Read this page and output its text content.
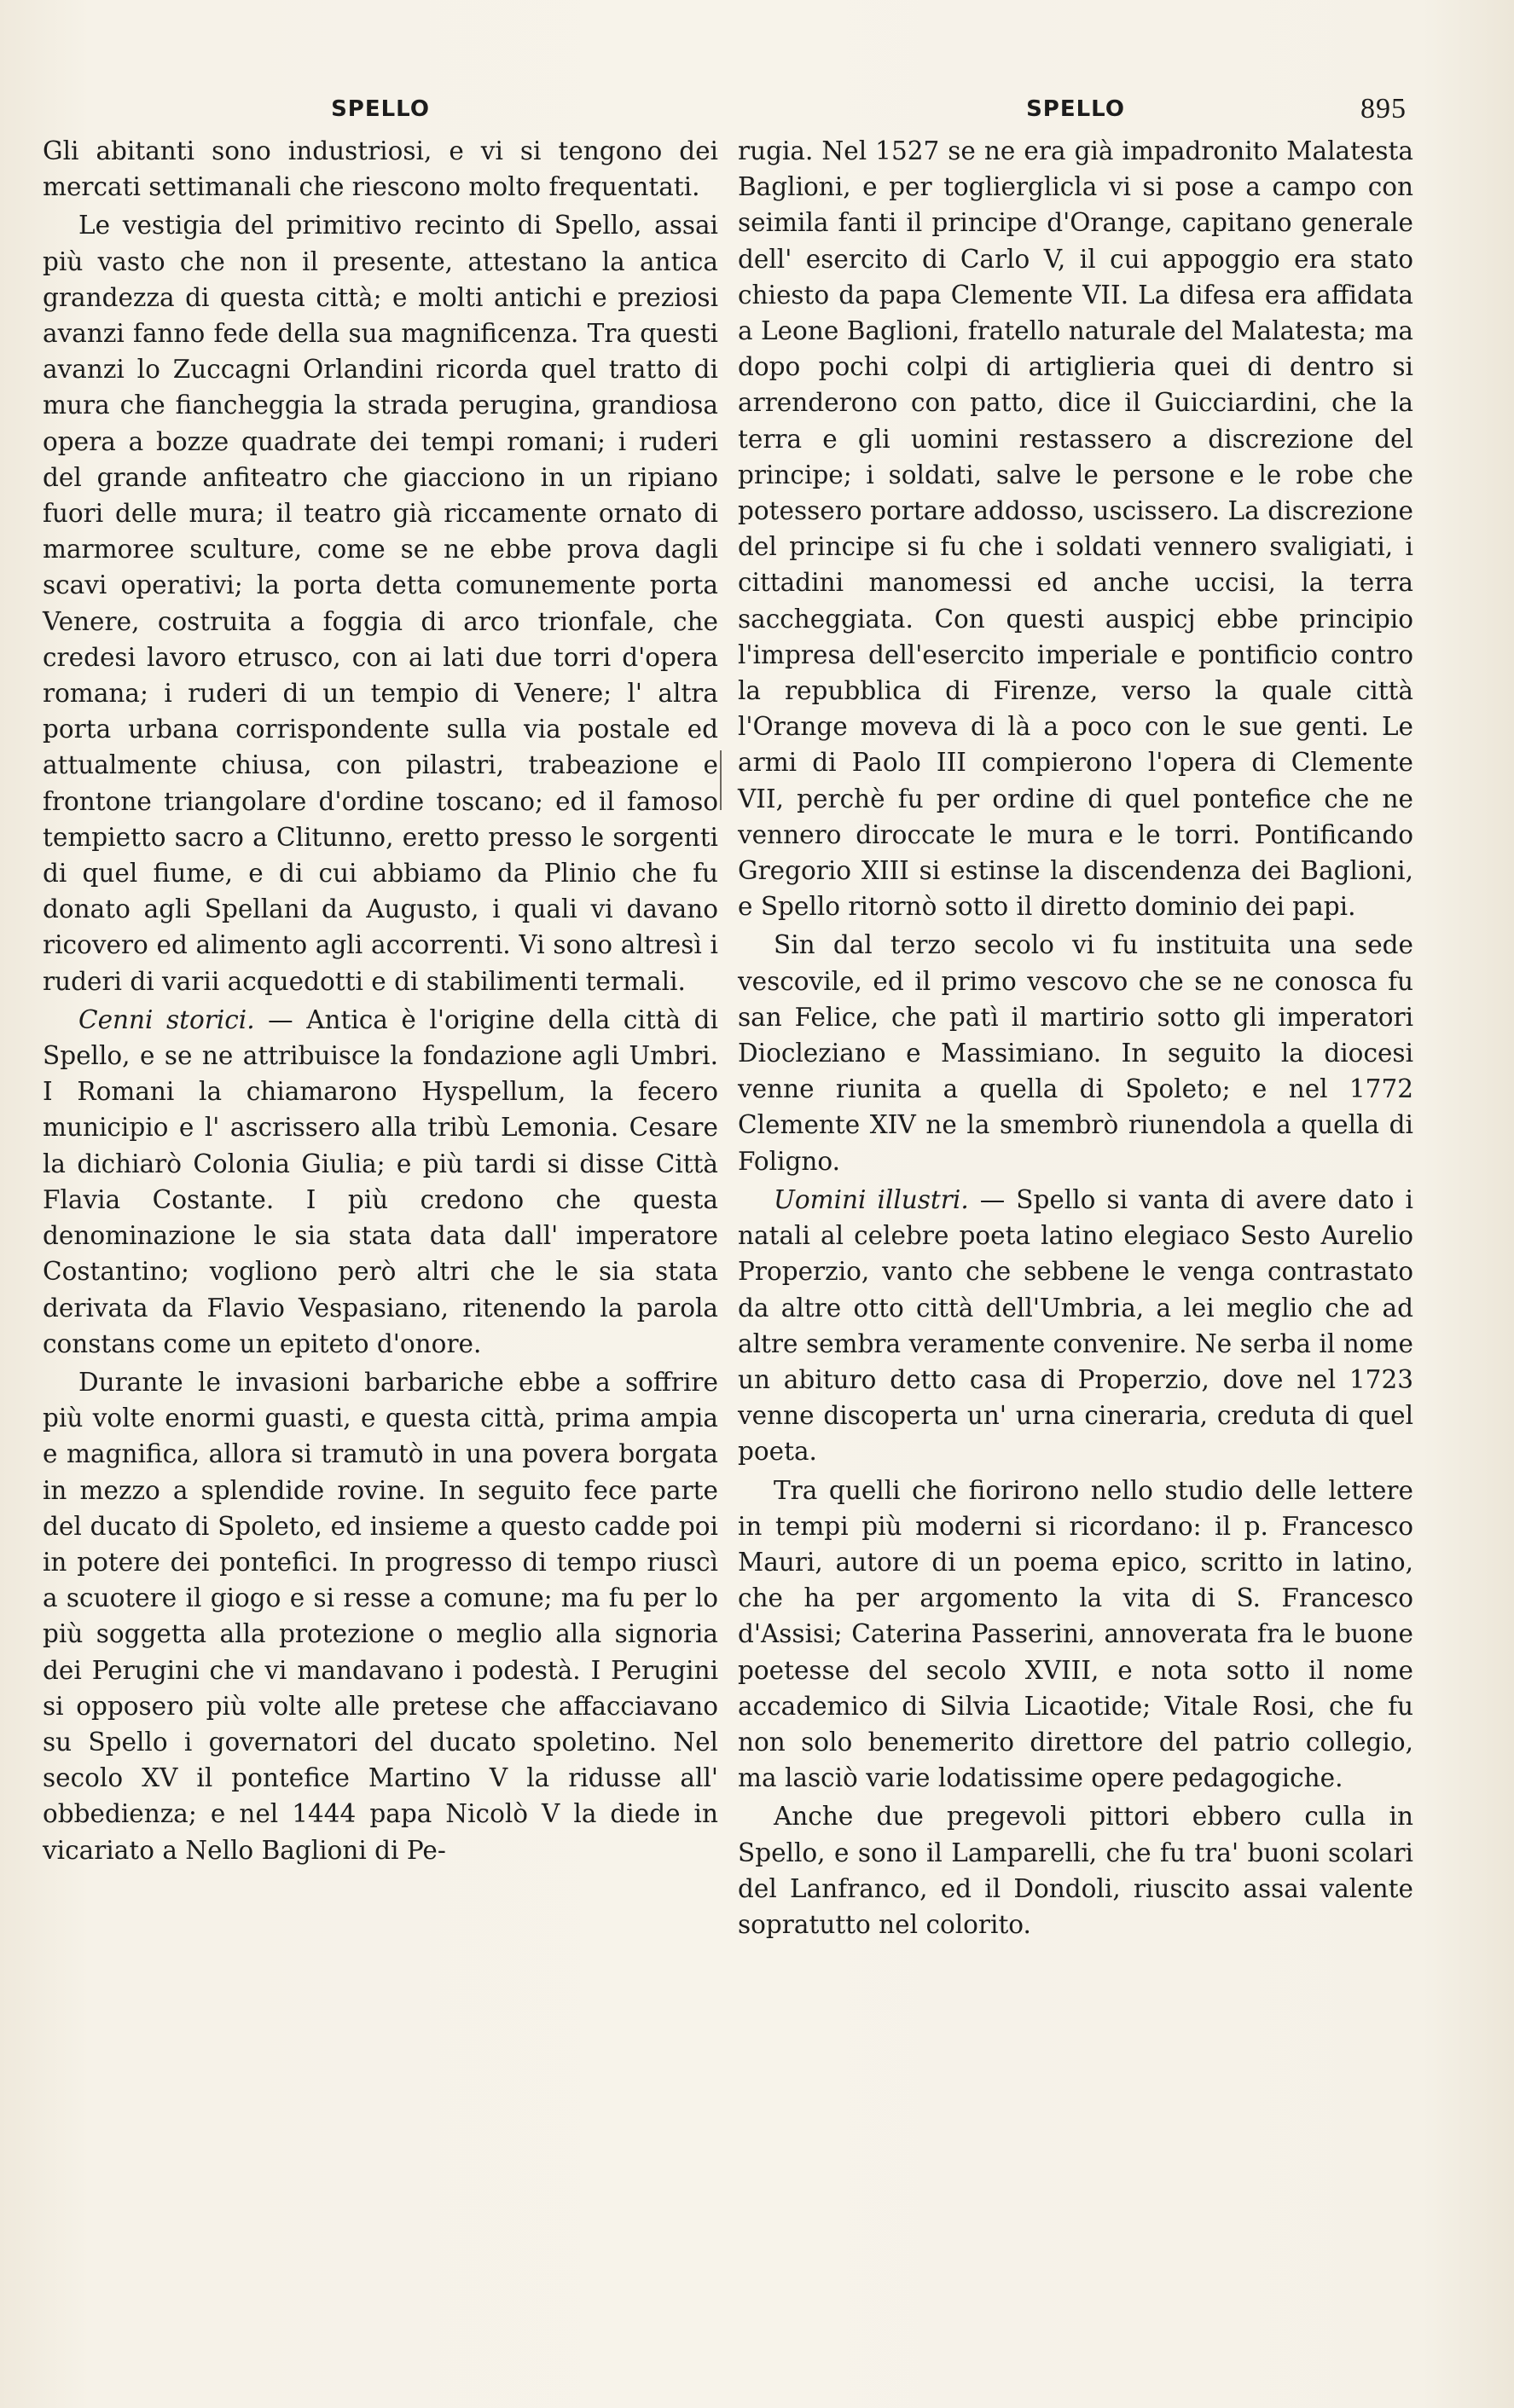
SPELLO

Gli abitanti sono industriosi, e vi si tengono dei mercati settimanali che riescono molto frequentati.

Le vestigia del primitivo recinto di Spello, assai più vasto che non il presente, attestano la antica grandezza di questa città; e molti antichi e preziosi avanzi fanno fede della sua magnificenza. Tra questi avanzi lo Zuccagni Orlandini ricorda quel tratto di mura che fiancheggia la strada perugina, grandiosa opera a bozze quadrate dei tempi romani; i ruderi del grande anfiteatro che giacciono in un ripiano fuori delle mura; il teatro già riccamente ornato di marmoree sculture, come se ne ebbe prova dagli scavi operativi; la porta detta comunemente porta Venere, costruita a foggia di arco trionfale, che credesi lavoro etrusco, con ai lati due torri d'opera romana; i ruderi di un tempio di Venere; l' altra porta urbana corrispondente sulla via postale ed attualmente chiusa, con pilastri, trabeazione e frontone triangolare d'ordine toscano; ed il famoso tempietto sacro a Clitunno, eretto presso le sorgenti di quel fiume, e di cui abbiamo da Plinio che fu donato agli Spellani da Augusto, i quali vi davano ricovero ed alimento agli accorrenti. Vi sono altresì i ruderi di varii acquedotti e di stabilimenti termali.

Cenni storici. — Antica è l'origine della città di Spello, e se ne attribuisce la fondazione agli Umbri. I Romani la chiamarono Hyspellum, la fecero municipio e l' ascrissero alla tribù Lemonia. Cesare la dichiarò Colonia Giulia; e più tardi si disse Città Flavia Costante. I più credono che questa denominazione le sia stata data dall' imperatore Costantino; vogliono però altri che le sia stata derivata da Flavio Vespasiano, ritenendo la parola constans come un epiteto d'onore.

Durante le invasioni barbariche ebbe a soffrire più volte enormi guasti, e questa città, prima ampia e magnifica, allora si tramutò in una povera borgata in mezzo a splendide rovine. In seguito fece parte del ducato di Spoleto, ed insieme a questo cadde poi in potere dei pontefici. In progresso di tempo riuscì a scuotere il giogo e si resse a comune; ma fu per lo più soggetta alla protezione o meglio alla signoria dei Perugini che vi mandavano i podestà. I Perugini si opposero più volte alle pretese che affacciavano su Spello i governatori del ducato spoletino. Nel secolo XV il pontefice Martino V la ridusse all' obbedienza; e nel 1444 papa Nicolò V la diede in vicariato a Nello Baglioni di Pe-

SPELLO	895

rugia. Nel 1527 se ne era già impadronito Malatesta Baglioni, e per toglierglicla vi si pose a campo con seimila fanti il principe d'Orange, capitano generale dell' esercito di Carlo V, il cui appoggio era stato chiesto da papa Clemente VII. La difesa era affidata a Leone Baglioni, fratello naturale del Malatesta; ma dopo pochi colpi di artiglieria quei di dentro si arrenderono con patto, dice il Guicciardini, che la terra e gli uomini restassero a discrezione del principe; i soldati, salve le persone e le robe che potessero portare addosso, uscissero. La discrezione del principe si fu che i soldati vennero svaligiati, i cittadini manomessi ed anche uccisi, la terra saccheggiata. Con questi auspicj ebbe principio l'impresa dell'esercito imperiale e pontificio contro la repubblica di Firenze, verso la quale città l'Orange moveva di là a poco con le sue genti. Le armi di Paolo III compierono l'opera di Clemente VII, perchè fu per ordine di quel pontefice che ne vennero diroccate le mura e le torri. Pontificando Gregorio XIII si estinse la discendenza dei Baglioni, e Spello ritornò sotto il diretto dominio dei papi.

Sin dal terzo secolo vi fu instituita una sede vescovile, ed il primo vescovo che se ne conosca fu san Felice, che patì il martirio sotto gli imperatori Diocleziano e Massimiano. In seguito la diocesi venne riunita a quella di Spoleto; e nel 1772 Clemente XIV ne la smembrò riunendola a quella di Foligno.

Uomini illustri. — Spello si vanta di avere dato i natali al celebre poeta latino elegiaco Sesto Aurelio Properzio, vanto che sebbene le venga contrastato da altre otto città dell'Umbria, a lei meglio che ad altre sembra veramente convenire. Ne serba il nome un abituro detto casa di Properzio, dove nel 1723 venne discoperta un' urna cineraria, creduta di quel poeta.

Tra quelli che fiorirono nello studio delle lettere in tempi più moderni si ricordano: il p. Francesco Mauri, autore di un poema epico, scritto in latino, che ha per argomento la vita di S. Francesco d'Assisi; Caterina Passerini, annoverata fra le buone poetesse del secolo XVIII, e nota sotto il nome accademico di Silvia Licaotide; Vitale Rosi, che fu non solo benemerito direttore del patrio collegio, ma lasciò varie lodatissime opere pedagogiche.

Anche due pregevoli pittori ebbero culla in Spello, e sono il Lamparelli, che fu tra' buoni scolari del Lanfranco, ed il Dondoli, riuscito assai valente sopratutto nel colorito.
